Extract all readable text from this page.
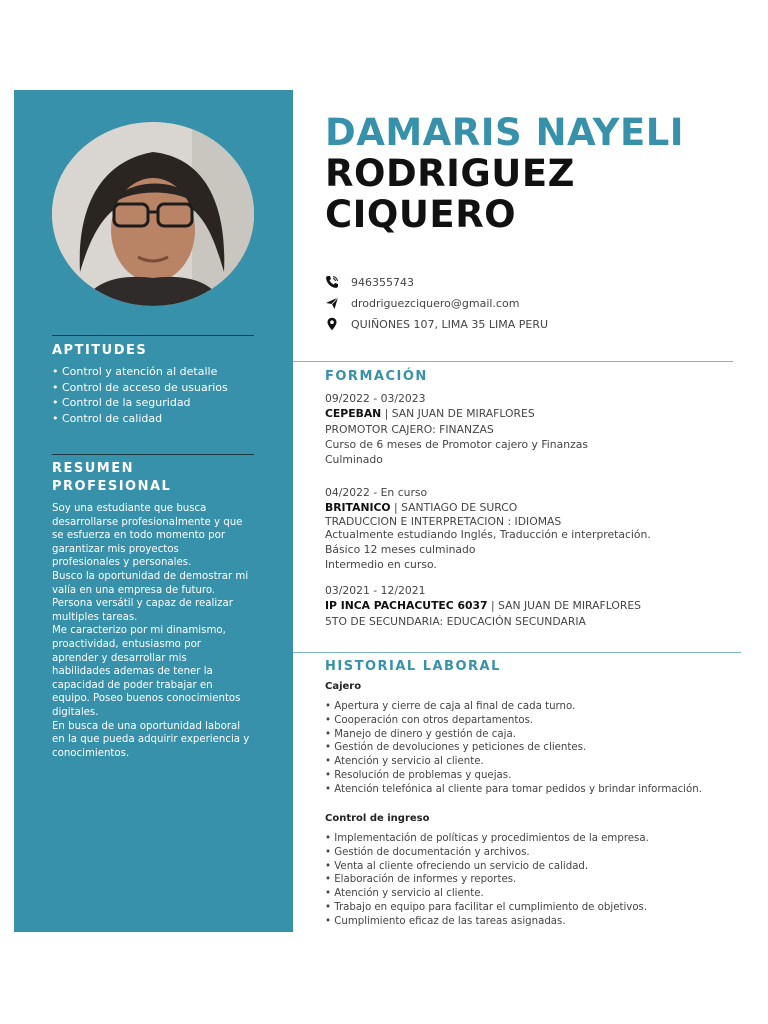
APTITUDES
• Control y atención al detalle
• Control de acceso de usuarios
• Control de la seguridad
• Control de calidad
RESUMEN
PROFESIONAL

Soy una estudiante que busca

desarrollarse profesionalmente y que

se esfuerza en todo momento por

garantizar mis proyectos

profesionales y personales.

Busco la oportunidad de demostrar mi

valía en una empresa de futuro.

Persona versátil y capaz de realizar

multiples tareas.

Me caracterizo por mi dinamismo,

proactividad, entusiasmo por

aprender y desarrollar mis

habilidades ademas de tener la

capacidad de poder trabajar en

equipo. Poseo buenos conocimientos

digitales.

En busca de una oportunidad laboral

en la que pueda adquirir experiencia y

conocimientos.

DAMARIS NAYELI
RODRIGUEZ
CIQUERO
946355743
drodriguezciquero@gmail.com
QUIÑONES 107, LIMA 35 LIMA PERU
FORMACIÓN
09/2022 - 03/2023
CEPEBAN | SAN JUAN DE MIRAFLORES
PROMOTOR CAJERO: FINANZAS
Curso de 6 meses de Promotor cajero y Finanzas
Culminado
04/2022 - En curso
BRITANICO | SANTIAGO DE SURCO
TRADUCCION E INTERPRETACION : IDIOMAS
Actualmente estudiando Inglés, Traducción e interpretación.
Básico 12 meses culminado
Intermedio en curso.
03/2021 - 12/2021
IP INCA PACHACUTEC 6037 | SAN JUAN DE MIRAFLORES
5TO DE SECUNDARIA: EDUCACIÓN SECUNDARIA
HISTORIAL LABORAL
Cajero
• Apertura y cierre de caja al final de cada turno.
• Cooperación con otros departamentos.
• Manejo de dinero y gestión de caja.
• Gestión de devoluciones y peticiones de clientes.
• Atención y servicio al cliente.
• Resolución de problemas y quejas.
• Atención telefónica al cliente para tomar pedidos y brindar información.
Control de ingreso
• Implementación de políticas y procedimientos de la empresa.
• Gestión de documentación y archivos.
• Venta al cliente ofreciendo un servicio de calidad.
• Elaboración de informes y reportes.
• Atención y servicio al cliente.
• Trabajo en equipo para facilitar el cumplimiento de objetivos.
• Cumplimiento eficaz de las tareas asignadas.
